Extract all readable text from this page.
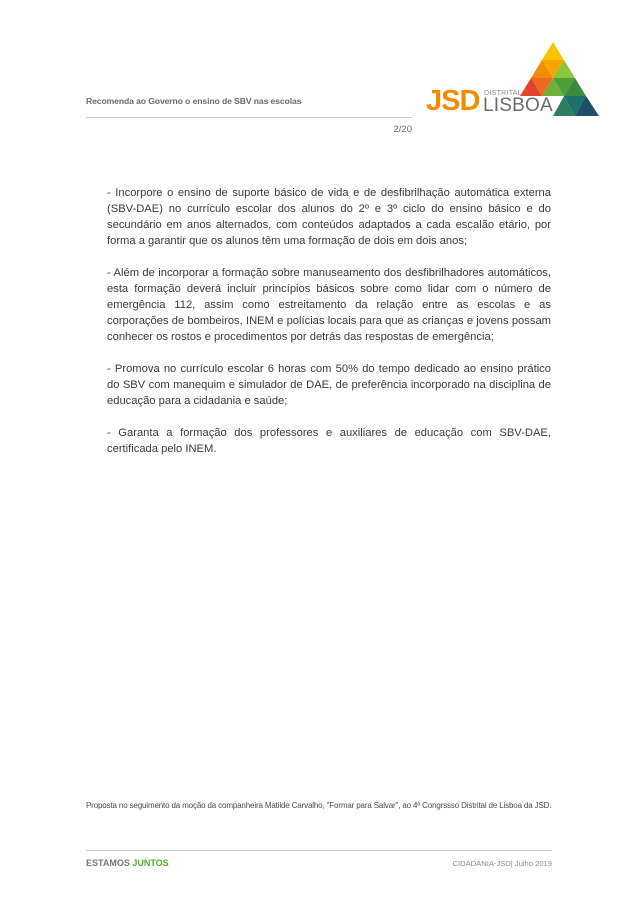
Recomenda ao Governo o ensino de SBV nas escolas
2/20
JSD DISTRITAL
LISBOA

- Incorpore o ensino de suporte básico de vida e de desfibrilhação automática externa (SBV-DAE) no currículo escolar dos alunos do 2º e 3º ciclo do ensino básico e do secundário em anos alternados, com conteúdos adaptados a cada escalão etário, por forma a garantir que os alunos têm uma formação de dois em dois anos;

- Além de incorporar a formação sobre manuseamento dos desfibrilhadores automáticos, esta formação deverá incluir princípios básicos sobre como lidar com o número de emergência 112, assim como estreitamento da relação entre as escolas e as corporações de bombeiros, INEM e polícias locais para que as crianças e jovens possam conhecer os rostos e procedimentos por detrás das respostas de emergência;

- Promova no currículo escolar 6 horas com 50% do tempo dedicado ao ensino prático do SBV com manequim e simulador de DAE, de preferência incorporado na disciplina de educação para a cidadania e saúde;

- Garanta a formação dos professores e auxiliares de educação com SBV-DAE, certificada pelo INEM.

Proposta no seguimento da moção da companheira Matilde Carvalho, "Formar para Salvar", ao 4º Congrssso Distrital de Lisboa da JSD.
ESTAMOS JUNTOS	CIDADANIA-JSD| Julho 2019
